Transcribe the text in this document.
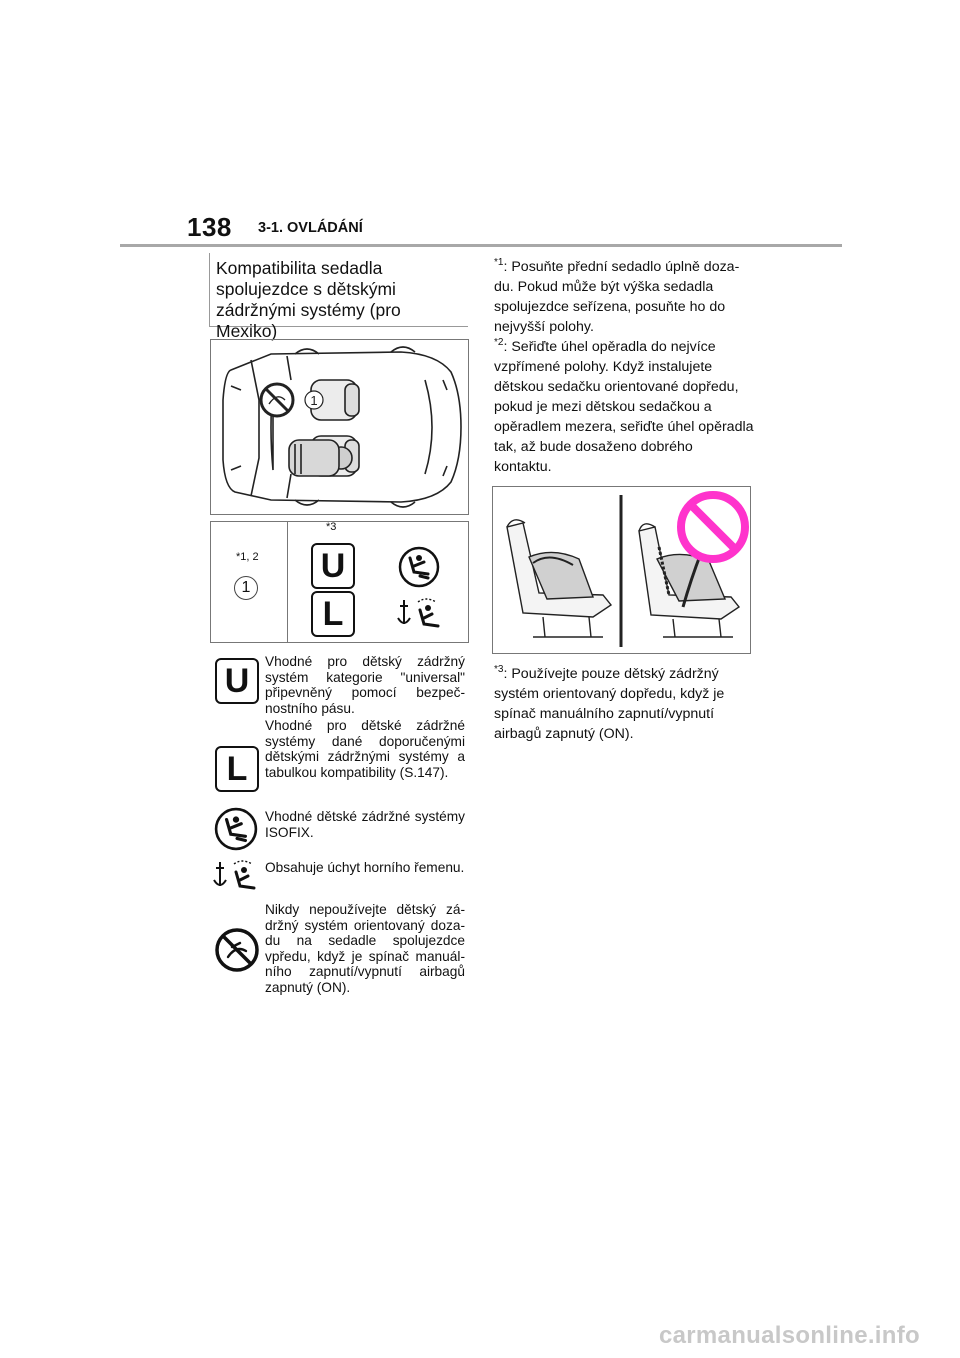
138 3-1. OVLÁDÁNÍ
Kompatibilita sedadla spolujezdce s dětskými zádržnými systémy (pro Mexiko)
1
*1, 2
1
*3
U
L
U
Vhodné pro dětský zádržný systém kategorie "universal" připevněný pomocí bezpečnostního pásu.
L
Vhodné pro dětské zádržné systémy dané doporučenými dětskými zádržnými systémy a tabulkou kompatibility (S.147).
Vhodné dětské zádržné systémy ISOFIX.
Obsahuje úchyt horního řemenu.
Nikdy nepoužívejte dětský zádržný systém orientovaný dozadu na sedadle spolujezdce vpředu, když je spínač manuálního zapnutí/vypnutí airbagů zapnutý (ON).
$^{*1}$: Posuňte přední sedadlo úplně dozadu. Pokud může být výška sedadla spolujezdce seřízena, posuňte ho do nejvyšší polohy.
$^{*2}$: Seřiďte úhel opěradla do nejvíce vzpřímené polohy. Když instalujete dětskou sedačku orientované dopředu, pokud je mezi dětskou sedačkou a opěradlem mezera, seřiďte úhel opěradla tak, až bude dosaženo dobrého kontaktu.
$^{*3}$: Používejte pouze dětský zádržný systém orientovaný dopředu, když je spínač manuálního zapnutí/vypnutí airbagů zapnutý (ON).
carmanualsonline.info
